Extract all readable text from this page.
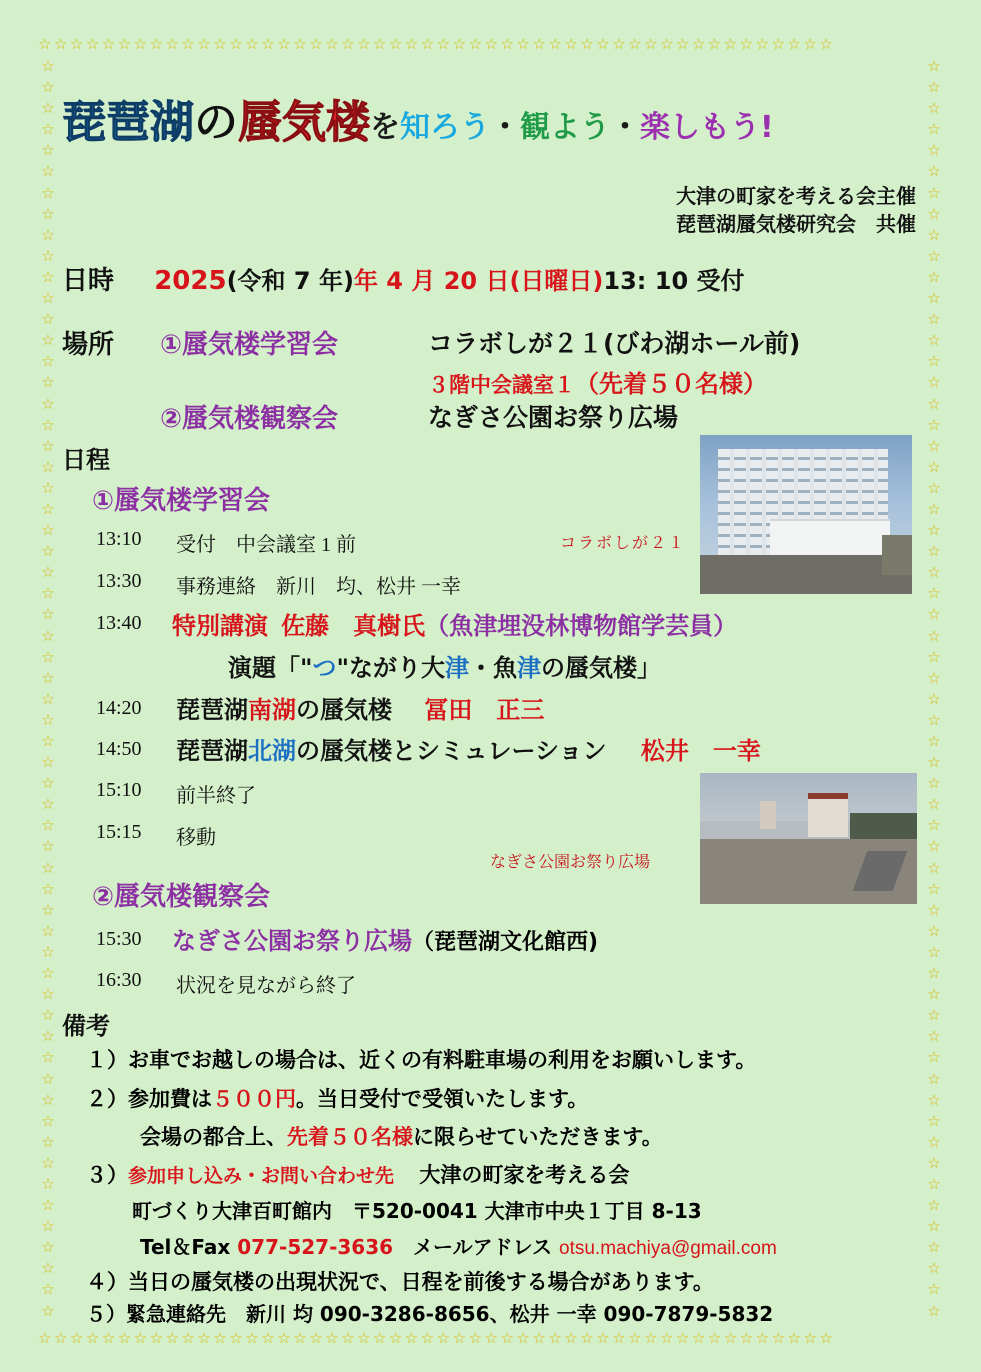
☆☆☆☆☆☆☆☆☆☆☆☆☆☆☆☆☆☆☆☆☆☆☆☆☆☆☆☆☆☆☆☆☆☆☆☆☆☆☆☆☆☆☆☆☆☆☆☆☆☆
☆☆☆☆☆☆☆☆☆☆☆☆☆☆☆☆☆☆☆☆☆☆☆☆☆☆☆☆☆☆☆☆☆☆☆☆☆☆☆☆☆☆☆☆☆☆☆☆☆☆
☆☆☆☆☆☆☆☆☆☆☆☆☆☆☆☆☆☆☆☆☆☆☆☆☆☆☆☆☆☆☆☆☆☆☆☆☆☆☆☆☆☆☆☆☆☆☆☆☆☆☆☆☆☆☆☆☆☆☆☆
☆☆☆☆☆☆☆☆☆☆☆☆☆☆☆☆☆☆☆☆☆☆☆☆☆☆☆☆☆☆☆☆☆☆☆☆☆☆☆☆☆☆☆☆☆☆☆☆☆☆☆☆☆☆☆☆☆☆☆☆
琵琶湖の蜃気楼を知ろう・観よう・楽しもう!
大津の町家を考える会主催
琵琶湖蜃気楼研究会　共催
日時 2025(令和 7 年)年 4 月 20 日(日曜日)13: 10 受付
場所 ①蜃気楼学習会	コラボしが２１(びわ湖ホール前)
３階中会議室１（先着５０名様）
②蜃気楼観察会	なぎさ公園お祭り広場
日程
①蜃気楼学習会
13:10 受付　中会議室 1 前
13:30 事務連絡　新川　均、松井 一幸
13:40 特別講演 佐藤　真樹氏（魚津埋没林博物館学芸員）
演題「"つ"ながり大津・魚津の蜃気楼」
14:20 琵琶湖南湖の蜃気楼 冨田　正三
14:50 琵琶湖北湖の蜃気楼とシミュレーション 松井　一幸
15:10 前半終了
15:15 移動
②蜃気楼観察会
15:30 なぎさ公園お祭り広場（琵琶湖文化館西)
16:30 状況を見ながら終了
コラボしが２１
なぎさ公園お祭り広場
備考
１）お車でお越しの場合は、近くの有料駐車場の利用をお願いします。
２）参加費は５００円。当日受付で受領いたします。
会場の都合上、先着５０名様に限らせていただきます。
３）参加申し込み・お問い合わせ先 大津の町家を考える会
町づくり大津百町館内　〒520-0041 大津市中央１丁目 8-13
Tel＆Fax 077-527-3636　メールアドレス otsu.machiya@gmail.com
４）当日の蜃気楼の出現状況で、日程を前後する場合があります。
５）緊急連絡先　新川 均 090-3286-8656、松井 一幸 090-7879-5832
